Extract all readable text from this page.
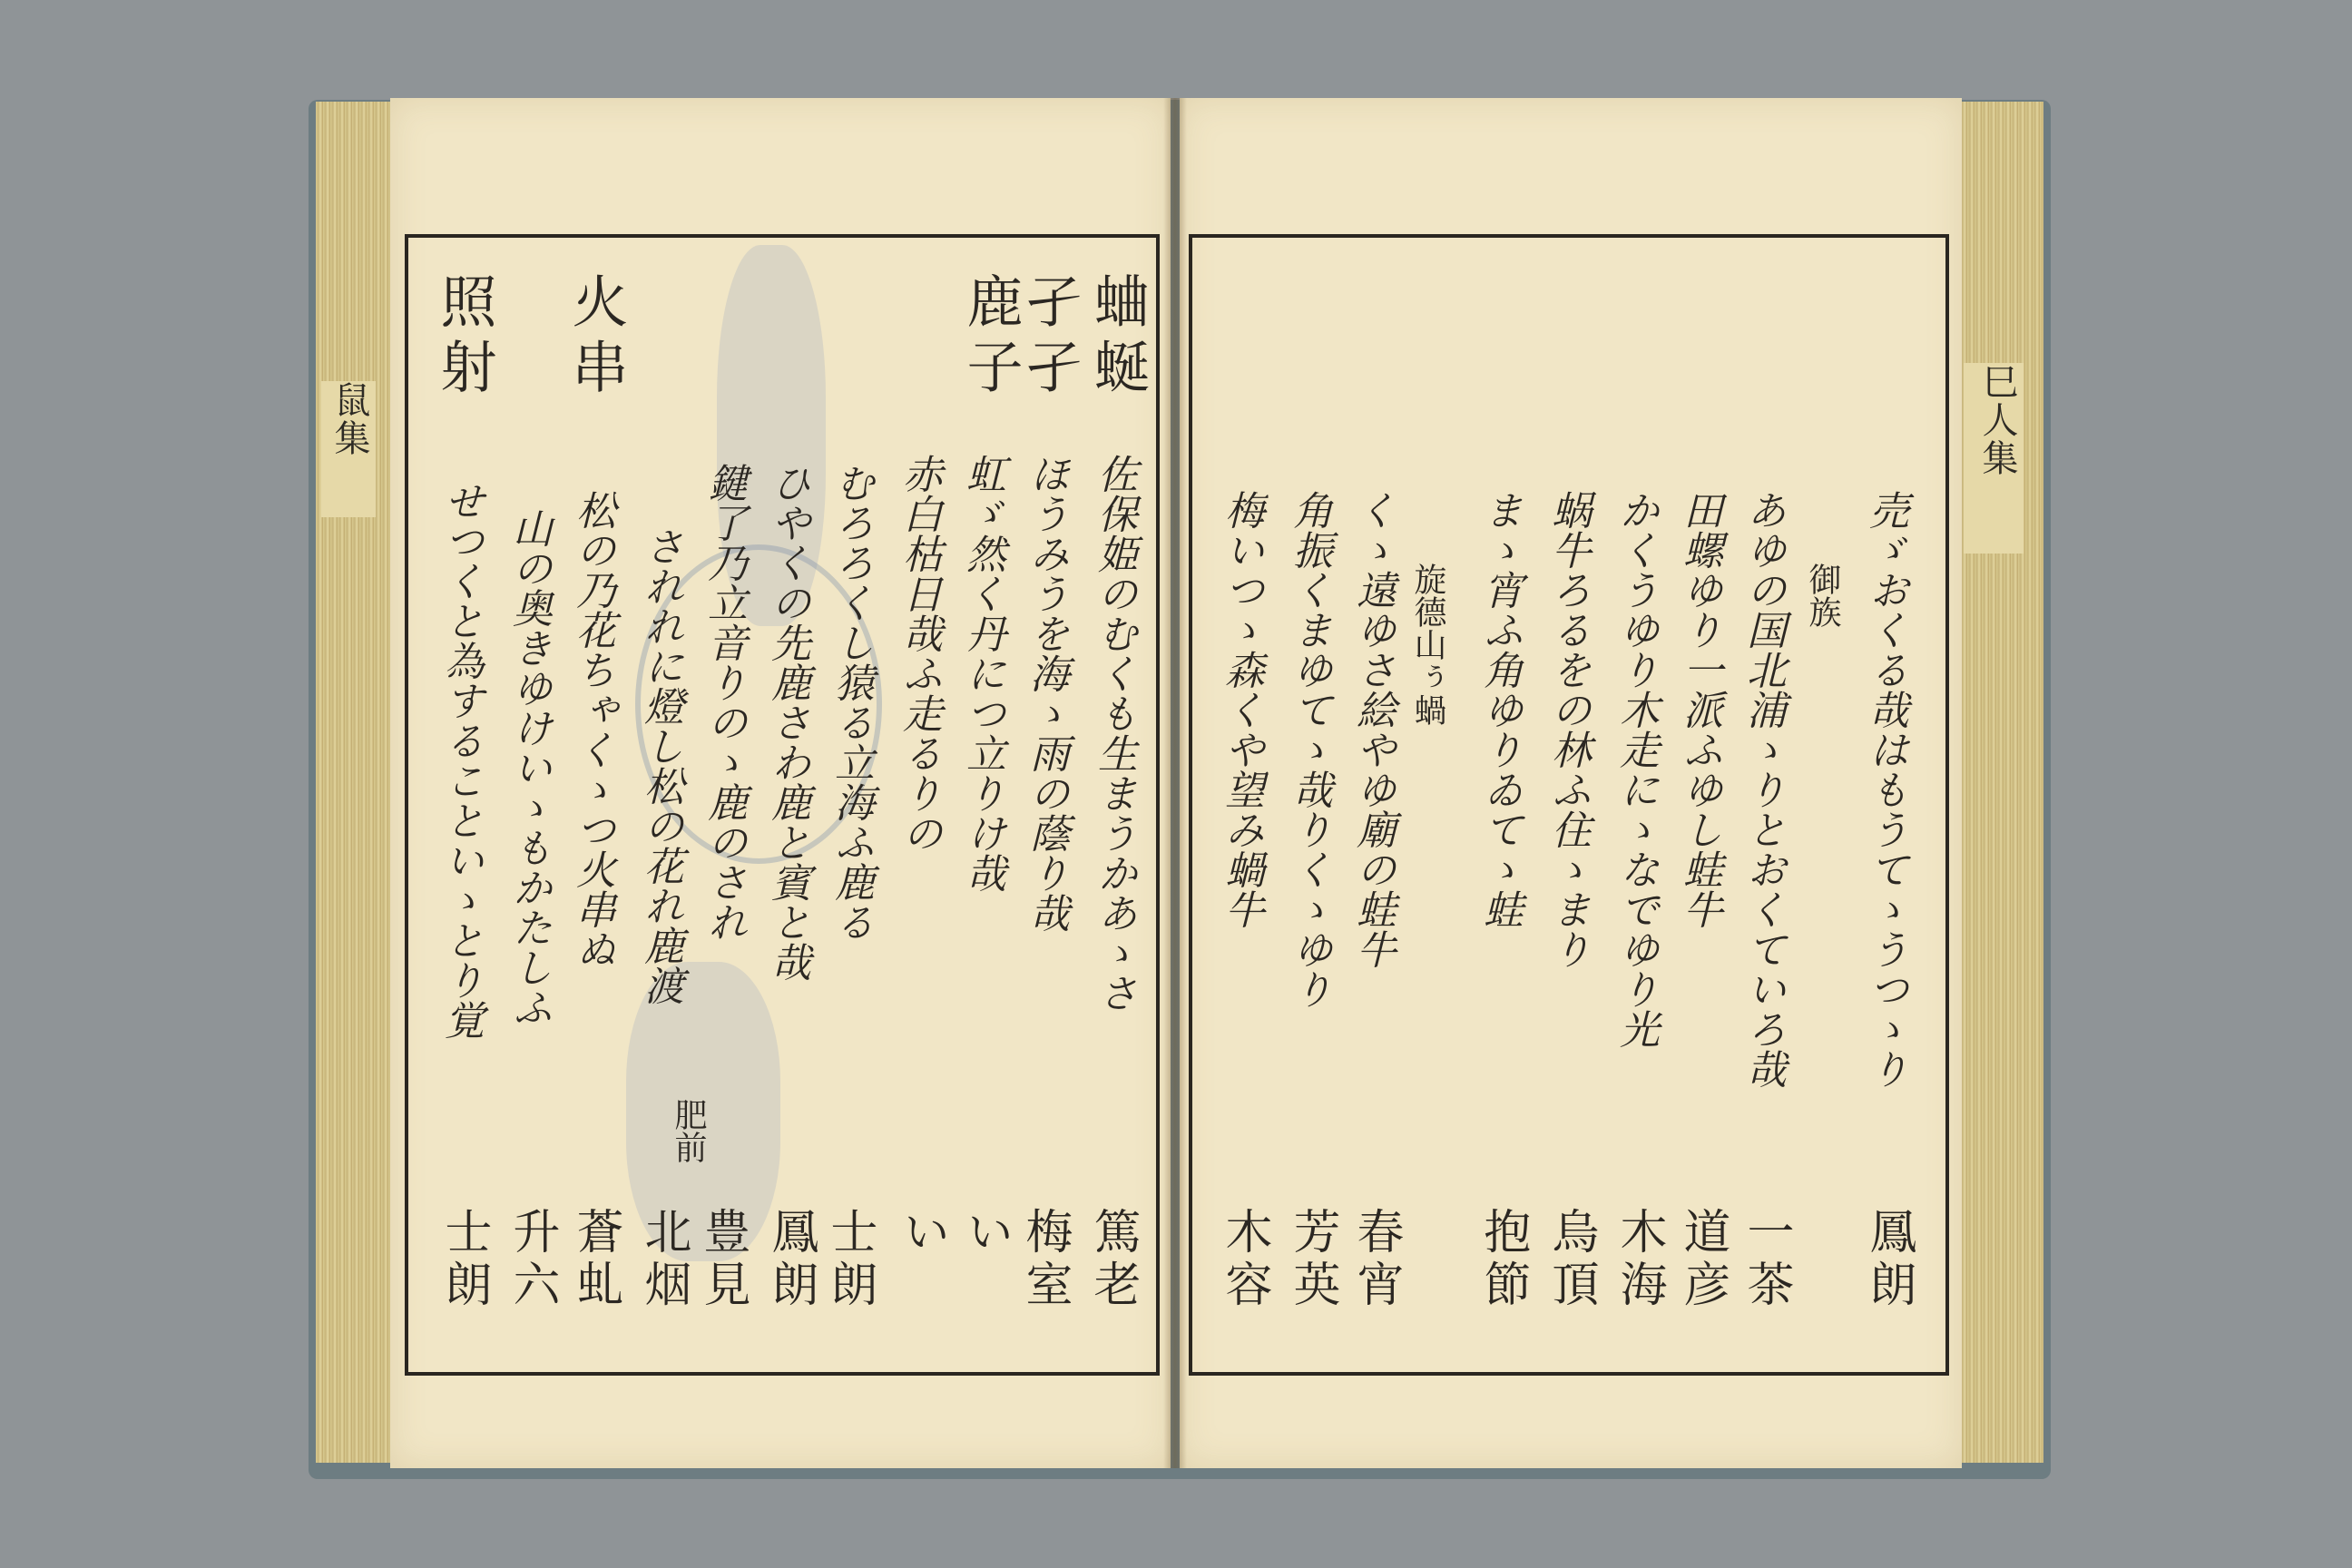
鼠集	巳人集
蛐蜒
孑孑
鹿子
佐保姫のむくも生まうかあゝさ
ほうみうを海ゝ雨の蔭り哉
虹ゞ然く丹につ立りけ哉
赤白枯日哉ふ走るりの
むろろくし猿る立海ふ鹿る
ひやくの先鹿さわ鹿と賓と哉
鍵了乃立音りのゝ鹿のされ
されれに燈し松の花れ鹿渡
火串
松の乃花ちゃくゝつ火串ぬ
山の奥きゆけいゝもかたしふ
照射
せつくと為することいゝとり覚
肥前
篤老
梅室
い
い
士朗
鳳朗
豊見
北烟
蒼虬
升六
士朗
売ゞおくる哉はもうてゝうつゝり
御族
あゆの国北浦ゝりとおくていろ哉
田螺ゆり一派ふゆし蛙牛
かくうゆり木走にゝなでゆり光
蜗牛ろるをの林ふ住ゝまり
まゝ宵ふ角ゆりゐてゝ蛙
旋德山ぅ蝸
くゝ遠ゆさ絵やゆ廟の蛙牛
角振くまゆてゝ哉りくゝゆり
梅いつゝ森くや望み蝸牛
鳳朗
一茶
道彦
木海
烏頂
抱節
春宵
芳英
木容
